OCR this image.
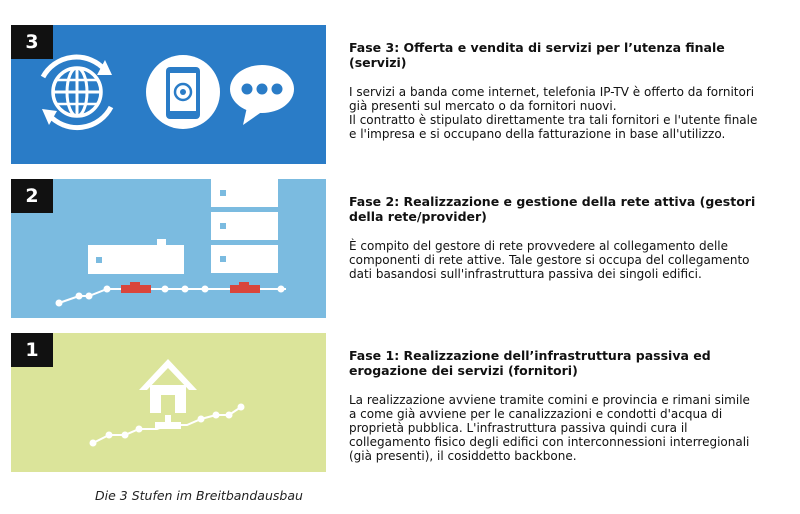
3
2
1

Fase 3: Offerta e vendita di servizi per l’utenza finale (servizi)

I servizi a banda come internet, telefonia IP-TV è offerto da fornitori già presenti sul mercato o da fornitori nuovi.
Il contratto è stipulato direttamente tra tali fornitori e l'utente finale e l'impresa e si occupano della fatturazione in base all'utilizzo.

Fase 2: Realizzazione e gestione della rete attiva (gestori della rete/provider)

È compito del gestore di rete provvedere al collegamento delle componenti di rete attive. Tale gestore si occupa del collegamento dati basandosi sull'infrastruttura passiva dei singoli edifici.

Fase 1: Realizzazione dell’infrastruttura passiva ed erogazione dei servizi (fornitori)

La realizzazione avviene tramite comini e provincia e rimani simile a come già avviene per le canalizzazioni e condotti d'acqua di proprietà pubblica. L'infrastruttura passiva quindi cura il collegamento fisico degli edifici con interconnessioni interregionali (già presenti), il cosiddetto backbone.

Die 3 Stufen im Breitbandausbau
